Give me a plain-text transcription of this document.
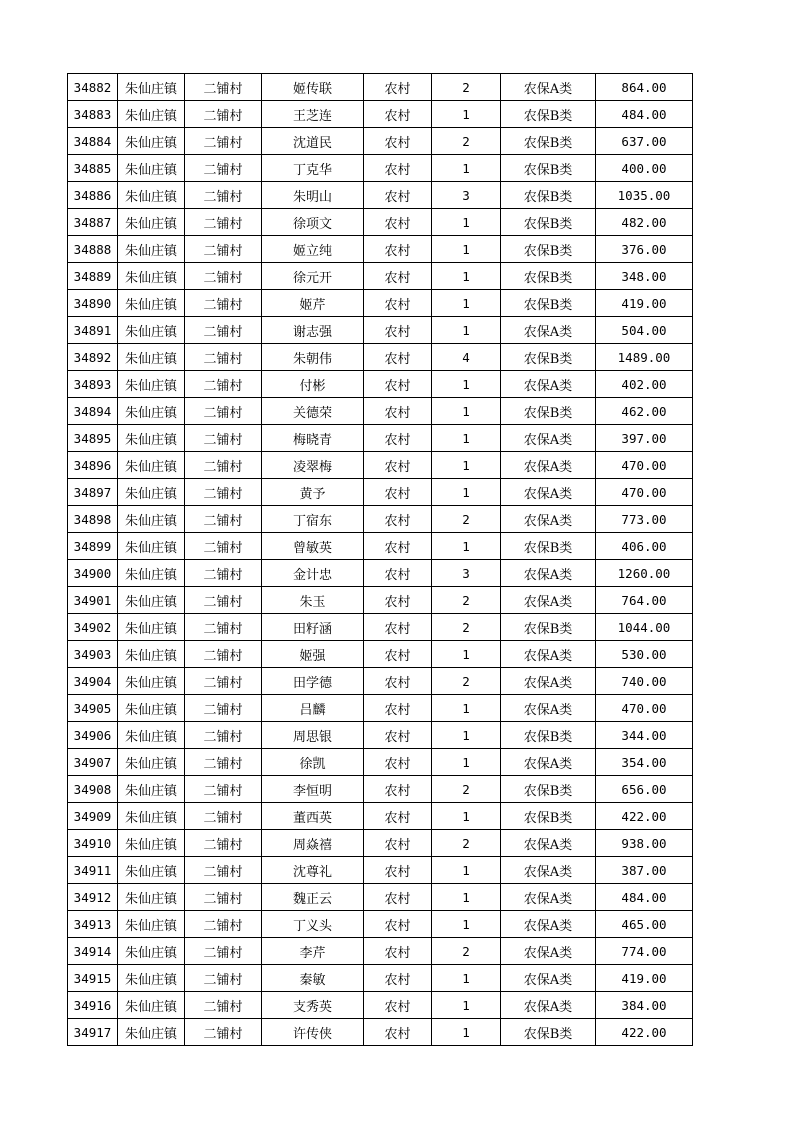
34882	朱仙庄镇	二铺村	姬传联	农村	2	农保A类	864.00
34883	朱仙庄镇	二铺村	王芝连	农村	1	农保B类	484.00
34884	朱仙庄镇	二铺村	沈道民	农村	2	农保B类	637.00
34885	朱仙庄镇	二铺村	丁克华	农村	1	农保B类	400.00
34886	朱仙庄镇	二铺村	朱明山	农村	3	农保B类	1035.00
34887	朱仙庄镇	二铺村	徐项文	农村	1	农保B类	482.00
34888	朱仙庄镇	二铺村	姬立纯	农村	1	农保B类	376.00
34889	朱仙庄镇	二铺村	徐元开	农村	1	农保B类	348.00
34890	朱仙庄镇	二铺村	姬芹	农村	1	农保B类	419.00
34891	朱仙庄镇	二铺村	谢志强	农村	1	农保A类	504.00
34892	朱仙庄镇	二铺村	朱朝伟	农村	4	农保B类	1489.00
34893	朱仙庄镇	二铺村	付彬	农村	1	农保A类	402.00
34894	朱仙庄镇	二铺村	关德荣	农村	1	农保B类	462.00
34895	朱仙庄镇	二铺村	梅晓青	农村	1	农保A类	397.00
34896	朱仙庄镇	二铺村	凌翠梅	农村	1	农保A类	470.00
34897	朱仙庄镇	二铺村	黄予	农村	1	农保A类	470.00
34898	朱仙庄镇	二铺村	丁宿东	农村	2	农保A类	773.00
34899	朱仙庄镇	二铺村	曾敏英	农村	1	农保B类	406.00
34900	朱仙庄镇	二铺村	金计忠	农村	3	农保A类	1260.00
34901	朱仙庄镇	二铺村	朱玉	农村	2	农保A类	764.00
34902	朱仙庄镇	二铺村	田籽涵	农村	2	农保B类	1044.00
34903	朱仙庄镇	二铺村	姬强	农村	1	农保A类	530.00
34904	朱仙庄镇	二铺村	田学德	农村	2	农保A类	740.00
34905	朱仙庄镇	二铺村	吕麟	农村	1	农保A类	470.00
34906	朱仙庄镇	二铺村	周思银	农村	1	农保B类	344.00
34907	朱仙庄镇	二铺村	徐凯	农村	1	农保A类	354.00
34908	朱仙庄镇	二铺村	李恒明	农村	2	农保B类	656.00
34909	朱仙庄镇	二铺村	董西英	农村	1	农保B类	422.00
34910	朱仙庄镇	二铺村	周焱禧	农村	2	农保A类	938.00
34911	朱仙庄镇	二铺村	沈尊礼	农村	1	农保A类	387.00
34912	朱仙庄镇	二铺村	魏正云	农村	1	农保A类	484.00
34913	朱仙庄镇	二铺村	丁义头	农村	1	农保A类	465.00
34914	朱仙庄镇	二铺村	李芹	农村	2	农保A类	774.00
34915	朱仙庄镇	二铺村	秦敏	农村	1	农保A类	419.00
34916	朱仙庄镇	二铺村	支秀英	农村	1	农保A类	384.00
34917	朱仙庄镇	二铺村	许传侠	农村	1	农保B类	422.00
